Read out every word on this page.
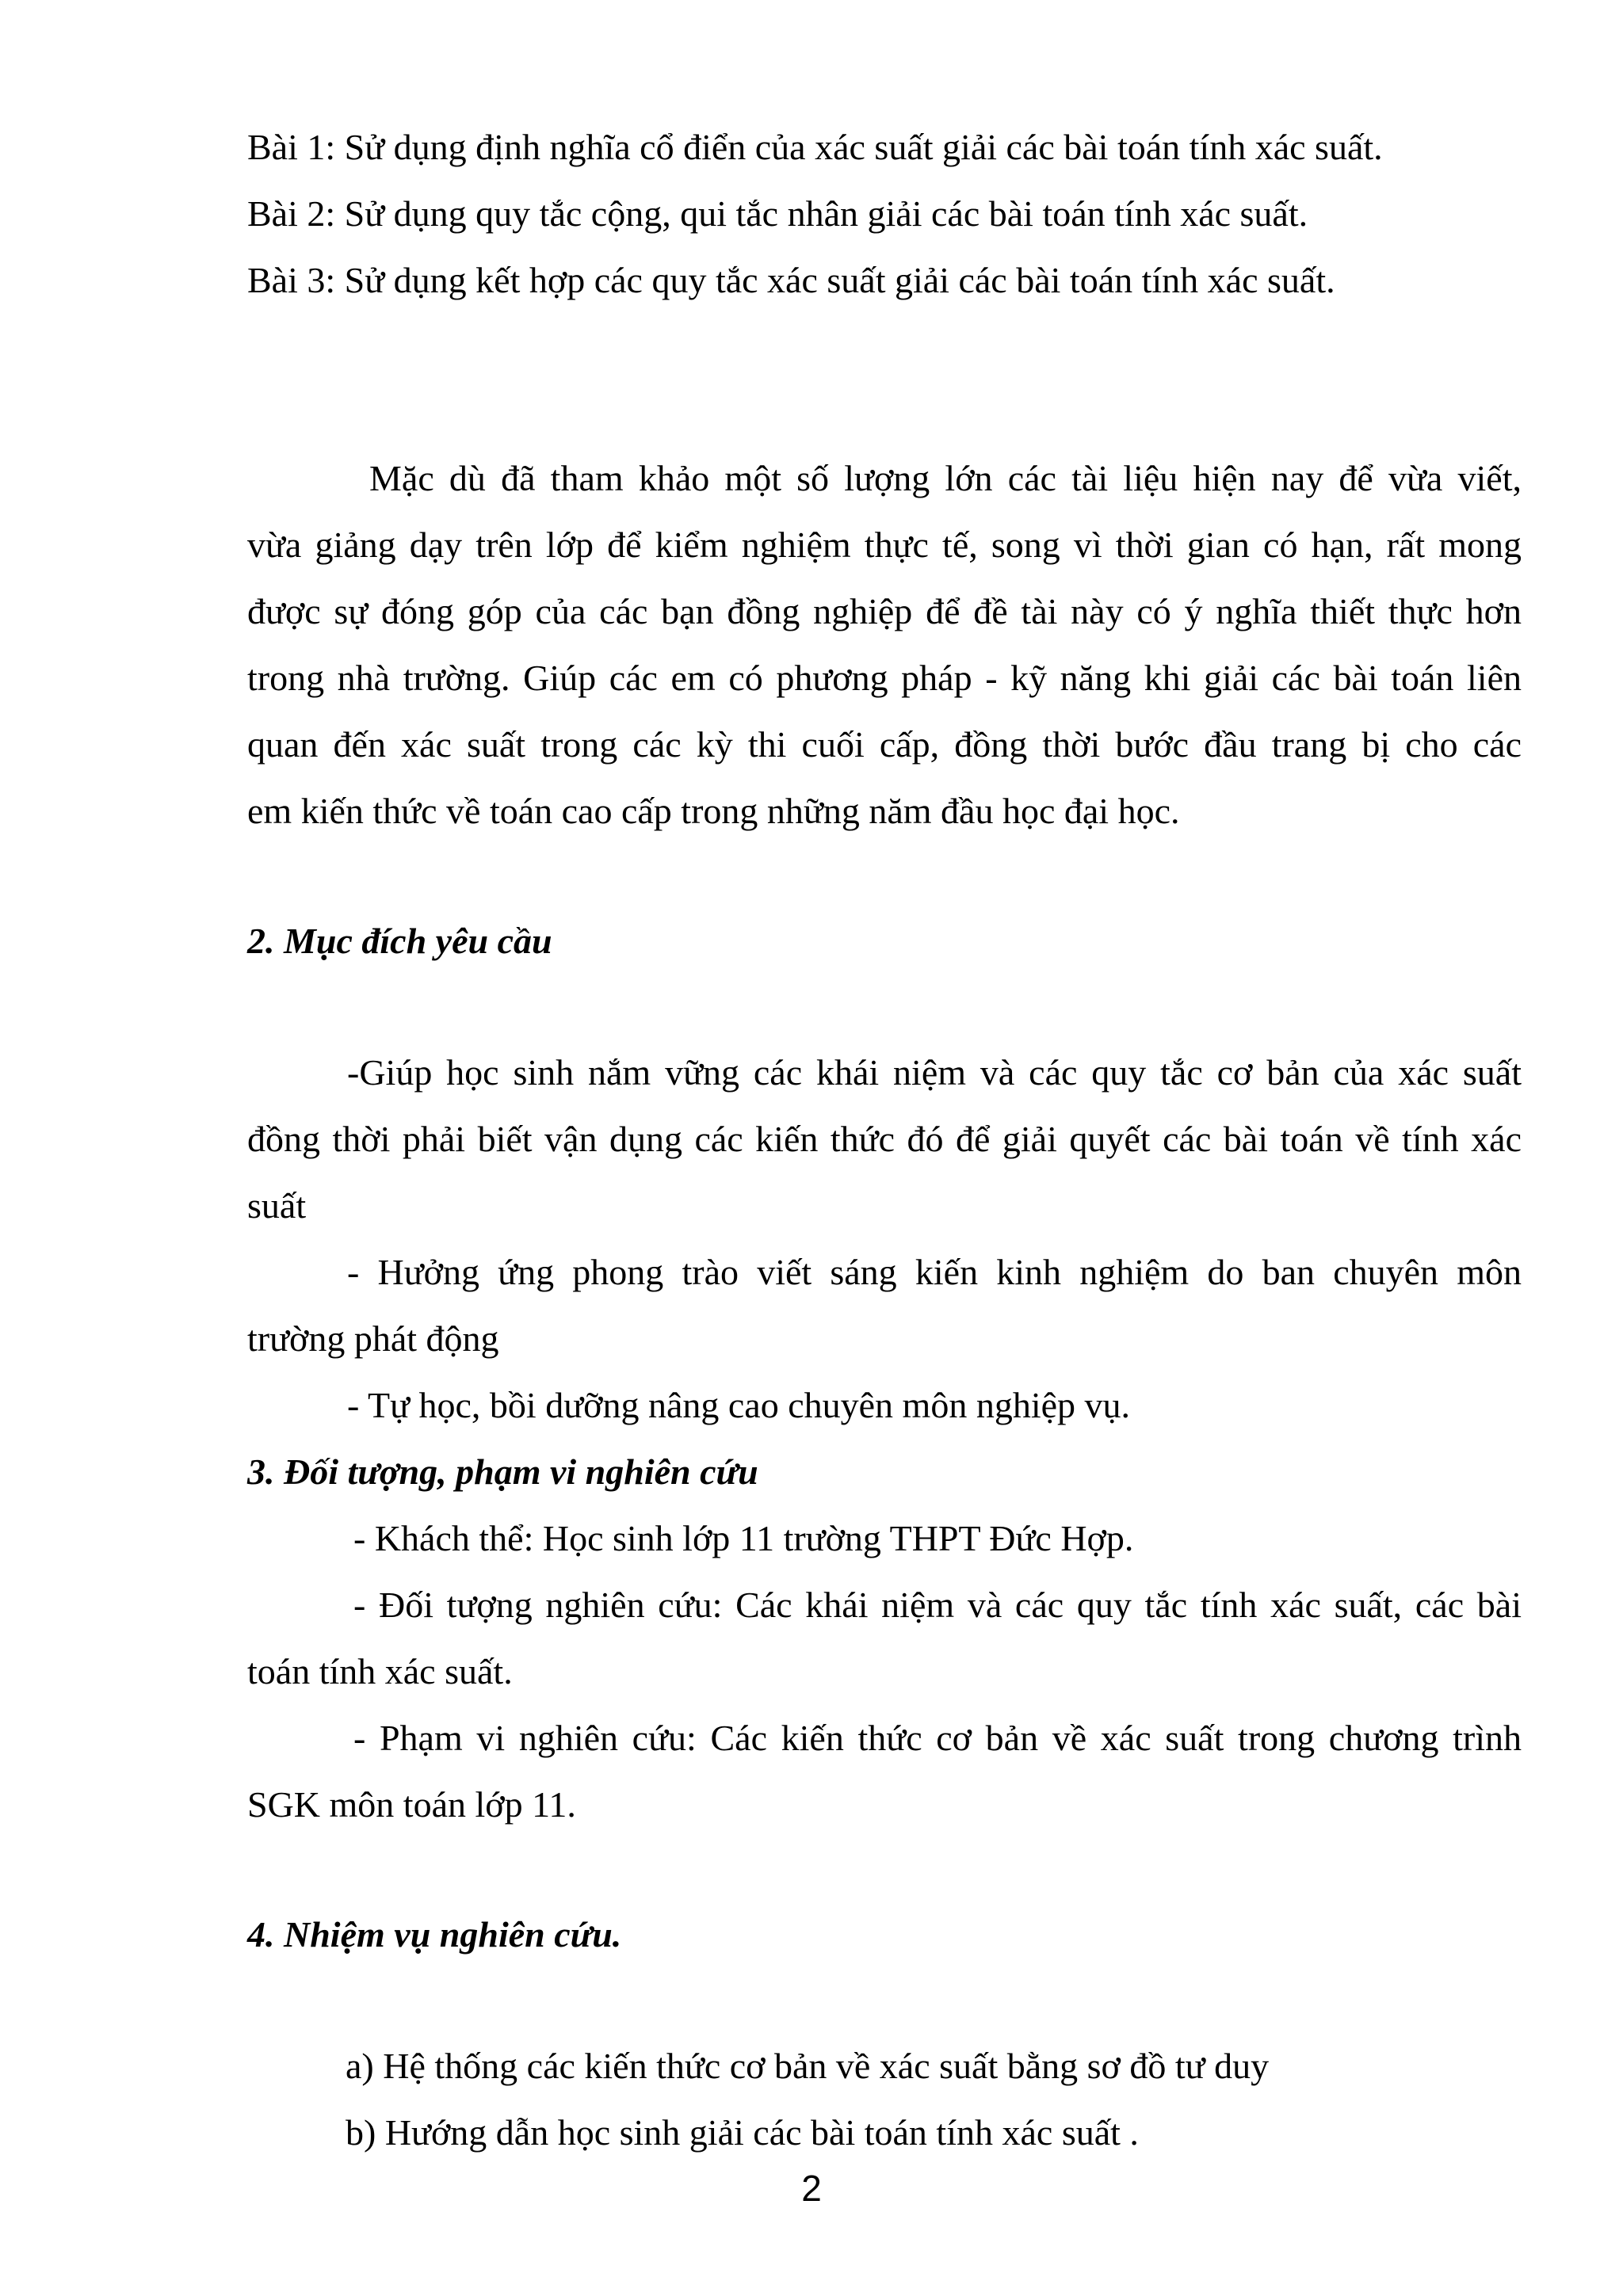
Bài 1: Sử dụng định nghĩa cổ điển của xác suất giải các bài toán tính xác suất.
Bài 2: Sử dụng quy tắc cộng, qui tắc nhân giải các bài toán tính xác suất.
Bài 3: Sử dụng kết hợp các quy tắc xác suất giải các bài toán tính xác suất.
Mặc dù đã tham khảo một số lượng lớn các tài liệu hiện nay để vừa viết,
vừa giảng dạy trên lớp để kiểm nghiệm thực tế, song vì thời gian có hạn, rất mong
được sự đóng góp của các bạn đồng nghiệp để đề tài này có ý nghĩa thiết thực hơn
trong nhà trường. Giúp các em có phương pháp - kỹ năng khi giải các bài toán liên
quan đến xác suất trong các kỳ thi cuối cấp, đồng thời bước đầu trang bị cho các
em kiến thức về toán cao cấp trong những năm đầu học đại học.
2. Mục đích yêu cầu
-Giúp học sinh nắm vững các khái niệm và các quy tắc cơ bản của xác suất
đồng thời phải biết vận dụng các kiến thức đó để giải quyết các bài toán về tính xác
suất
- Hưởng ứng phong trào viết sáng kiến kinh nghiệm do ban chuyên môn
trường phát động
- Tự học, bồi dưỡng nâng cao chuyên môn nghiệp vụ.
3. Đối tượng, phạm vi nghiên cứu
- Khách thể: Học sinh lớp 11 trường THPT Đức Hợp.
- Đối tượng nghiên cứu: Các khái niệm và các quy tắc tính xác suất, các bài
toán tính xác suất.
- Phạm vi nghiên cứu: Các kiến thức cơ bản về xác suất trong chương trình
SGK môn toán lớp 11.
4. Nhiệm vụ nghiên cứu.
a) Hệ thống các kiến thức cơ bản về xác suất bằng sơ đồ tư duy
b) Hướng dẫn học sinh giải các bài toán tính xác suất .
2
